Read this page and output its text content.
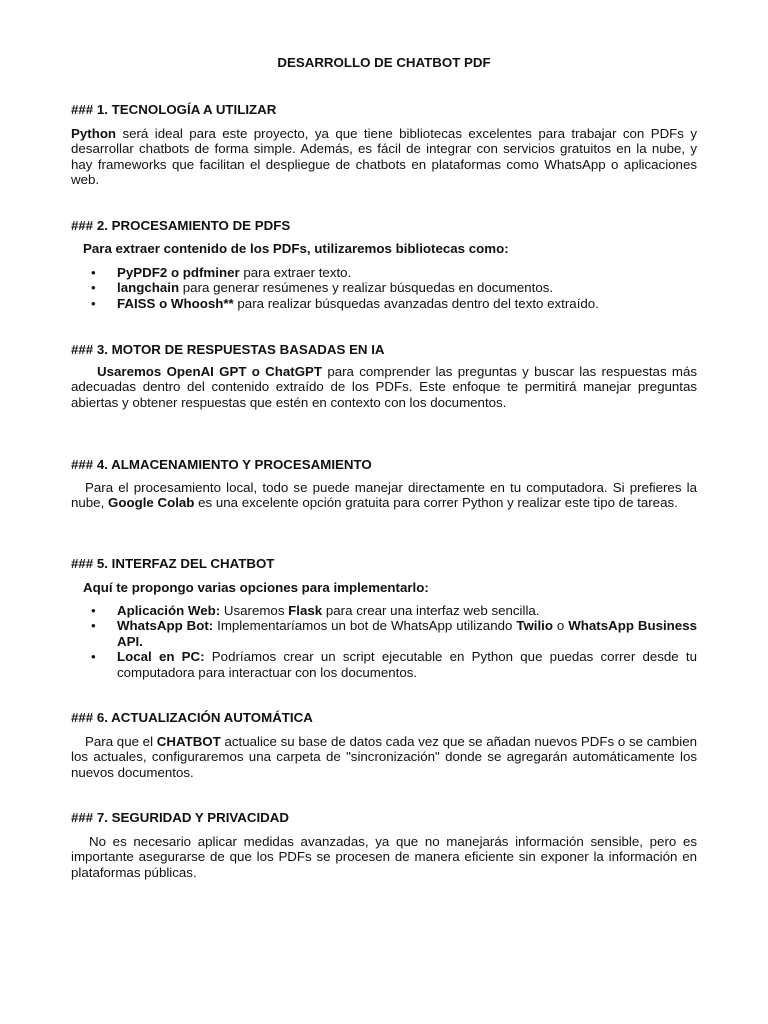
DESARROLLO DE CHATBOT PDF
### 1. TECNOLOGÍA A UTILIZAR
Python será ideal para este proyecto, ya que tiene bibliotecas excelentes para trabajar con PDFs y desarrollar chatbots de forma simple. Además, es fácil de integrar con servicios gratuitos en la nube, y hay frameworks que facilitan el despliegue de chatbots en plataformas como WhatsApp o aplicaciones web.
### 2. PROCESAMIENTO DE PDFS
Para extraer contenido de los PDFs, utilizaremos bibliotecas como:
• PyPDF2 o pdfminer para extraer texto.
• langchain para generar resúmenes y realizar búsquedas en documentos.
• FAISS o Whoosh** para realizar búsquedas avanzadas dentro del texto extraído.
### 3. MOTOR DE RESPUESTAS BASADAS EN IA
Usaremos OpenAI GPT o ChatGPT para comprender las preguntas y buscar las respuestas más adecuadas dentro del contenido extraído de los PDFs. Este enfoque te permitirá manejar preguntas abiertas y obtener respuestas que estén en contexto con los documentos.
### 4. ALMACENAMIENTO Y PROCESAMIENTO
Para el procesamiento local, todo se puede manejar directamente en tu computadora. Si prefieres la nube, Google Colab es una excelente opción gratuita para correr Python y realizar este tipo de tareas.
### 5. INTERFAZ DEL CHATBOT
Aquí te propongo varias opciones para implementarlo:
• Aplicación Web: Usaremos Flask para crear una interfaz web sencilla.
• WhatsApp Bot: Implementaríamos un bot de WhatsApp utilizando Twilio o WhatsApp Business API.
• Local en PC: Podríamos crear un script ejecutable en Python que puedas correr desde tu computadora para interactuar con los documentos.
### 6. ACTUALIZACIÓN AUTOMÁTICA
Para que el CHATBOT actualice su base de datos cada vez que se añadan nuevos PDFs o se cambien los actuales, configuraremos una carpeta de "sincronización" donde se agregarán automáticamente los nuevos documentos.
### 7. SEGURIDAD Y PRIVACIDAD
No es necesario aplicar medidas avanzadas, ya que no manejarás información sensible, pero es importante asegurarse de que los PDFs se procesen de manera eficiente sin exponer la información en plataformas públicas.
